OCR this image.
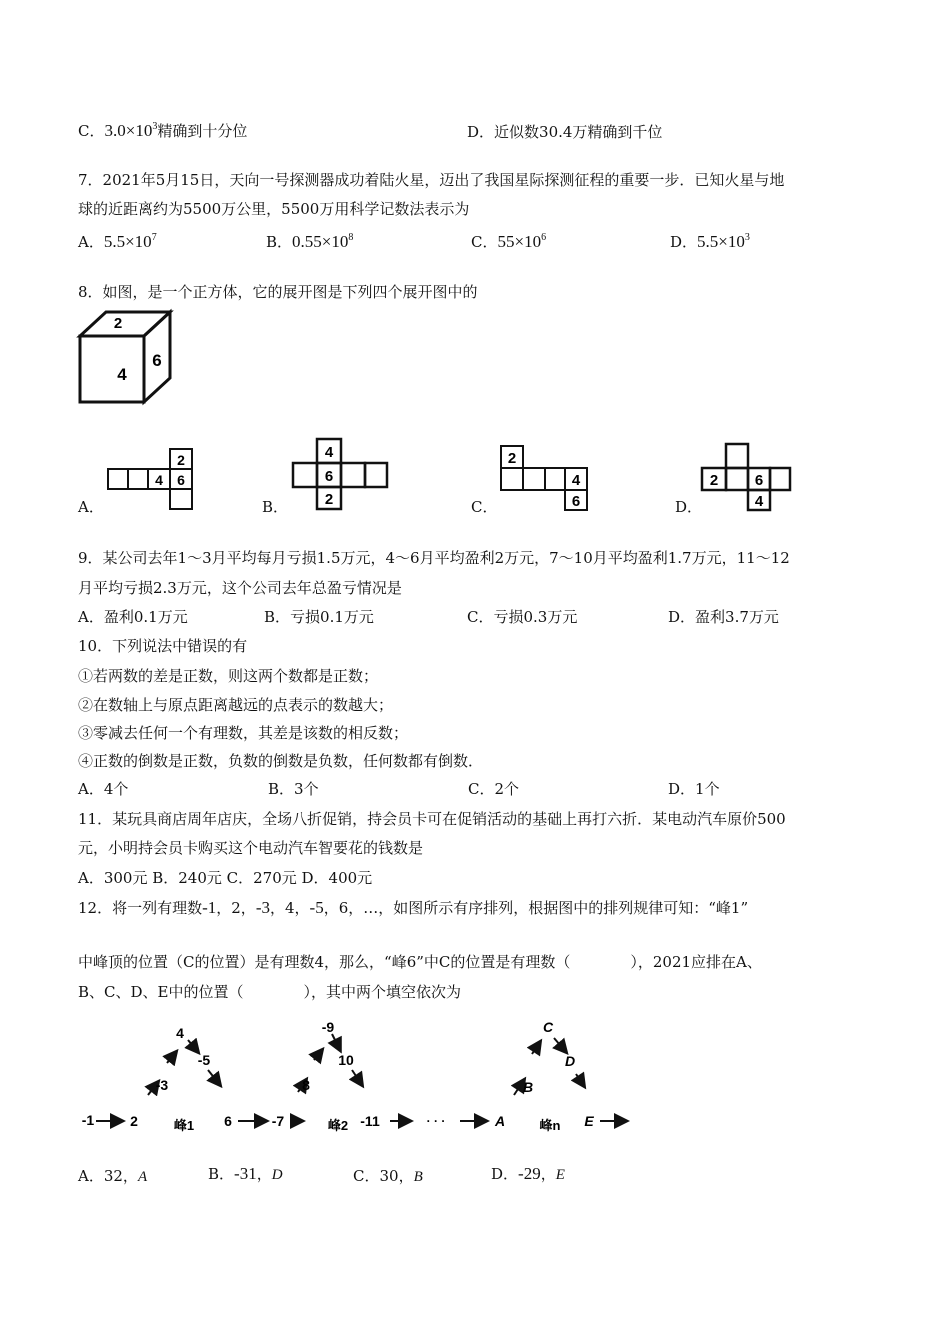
C．$3.0\times 10^3$精确到十分位	D．近似数30.4万精确到千位
7．2021年5月15日，天向一号探测器成功着陆火星，迈出了我国星际探测征程的重要一步．已知火星与地
球的近距离约为5500万公里，5500万用科学记数法表示为
A．$5.5\times 10^7$	B．$0.55\times 10^8$	C．$55\times 10^6$	D．$5.5\times 10^3$
8．如图，是一个正方体，它的展开图是下列四个展开图中的
2
4
6
A．
4 6
2
B．
4
6
2	C．
2
4
6	D．
2 6
4
9．某公司去年1～3月平均每月亏损1.5万元，4～6月平均盈利2万元，7～10月平均盈利1.7万元，11～12
月平均亏损2.3万元，这个公司去年总盈亏情况是
A．盈利0.1万元	B．亏损0.1万元	C．亏损0.3万元	D．盈利3.7万元
10．下列说法中错误的有
①若两数的差是正数，则这两个数都是正数；
②在数轴上与原点距离越远的点表示的数越大；
③零减去任何一个有理数，其差是该数的相反数；
④正数的倒数是正数，负数的倒数是负数，任何数都有倒数．
A．4个	B．3个	C．2个	D．1个
11．某玩具商店周年店庆，全场八折促销，持会员卡可在促销活动的基础上再打六折．某电动汽车原价500
元，小明持会员卡购买这个电动汽车智要花的钱数是
A．300元 B．240元 C．270元 D．400元
12．将一列有理数-1，2，-3，4，-5，6，…，如图所示有序排列，根据图中的排列规律可知：“峰1”
中峰顶的位置（C的位置）是有理数4，那么，“峰6”中C的位置是有理数（　　　　），2021应排在A、
B、C、D、E中的位置（　　　　），其中两个填空依次为
-1	2
-3
4
-5
6	-7
8
-9
10
-11	· · ·	A
B
C
D
E
峰1	峰2	峰n
A．32，A	B．-31，D	C．30，B	D．-29，E
